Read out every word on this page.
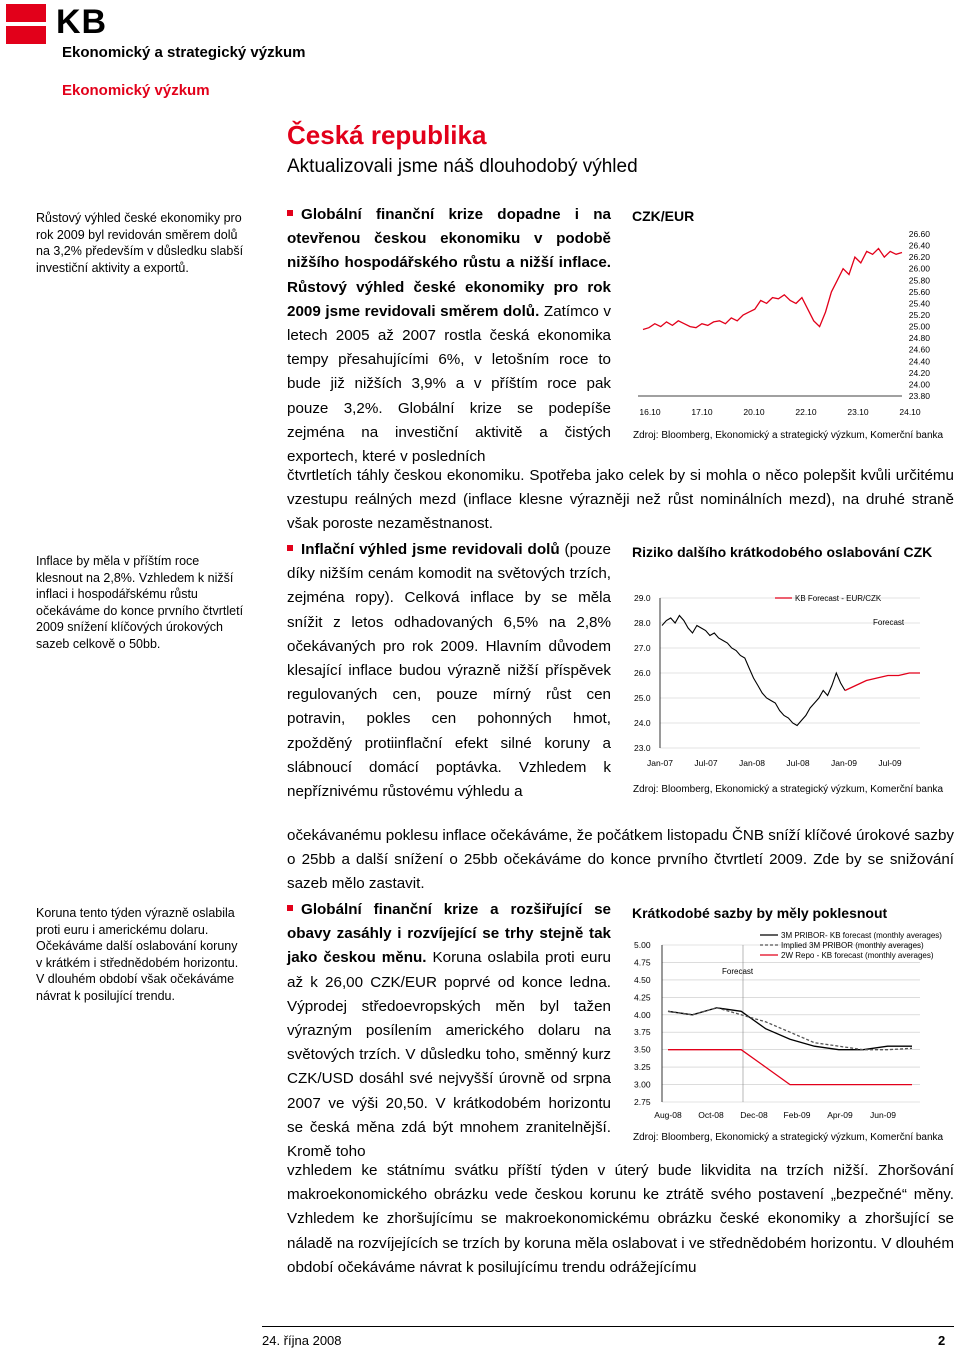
KB
Ekonomický a strategický výzkum
Ekonomický výzkum
Česká republika
Aktualizovali jsme náš dlouhodobý výhled
Růstový výhled české ekonomiky pro rok 2009 byl revidován směrem dolů na 3,2% především v důsledku slabší investiční aktivity a exportů.
Inflace by měla v příštím roce klesnout na 2,8%. Vzhledem k nižší inflaci i hospodářskému růstu očekáváme do konce prvního čtvrtletí 2009 snížení klíčových úrokových sazeb celkově o 50bb.
Koruna tento týden výrazně oslabila proti euru i americkému dolaru. Očekáváme další oslabování koruny v krátkém i střednědobém horizontu. V dlouhém období však očekáváme návrat k posilující trendu.
Globální finanční krize dopadne i na otevřenou českou ekonomiku v podobě nižšího hospodářského růstu a nižší inflace. Růstový výhled české ekonomiky pro rok 2009 jsme revidovali směrem dolů. Zatímco v letech 2005 až 2007 rostla česká ekonomika tempy přesahujícími 6%, v letošním roce to bude již nižších 3,9% a v příštím roce pak pouze 3,2%. Globální krize se podepíše zejména na investiční aktivitě a čistých exportech, které v posledních
čtvrtletích táhly českou ekonomiku. Spotřeba jako celek by si mohla o něco polepšit kvůli určitému vzestupu reálných mezd (inflace klesne výrazněji než růst nominálních mezd), na druhé straně však poroste nezaměstnanost.
CZK/EUR
26.60
26.40
26.20
26.00
25.80
25.60
25.40
25.20
25.00
24.80
24.60
24.40
24.20
24.00
23.80
16.10	17.10	20.10	22.10	23.10	24.10
Zdroj: Bloomberg, Ekonomický a strategický výzkum, Komerční banka
Inflační výhled jsme revidovali dolů (pouze díky nižším cenám komodit na světových trzích, zejména ropy). Celková inflace by se měla snížit z letos odhadovaných 6,5% na 2,8% očekávaných pro rok 2009. Hlavním důvodem klesající inflace budou výrazně nižší příspěvek regulovaných cen, pouze mírný růst cen potravin, pokles cen pohonných hmot, zpožděný protiinflační efekt silné koruny a slábnoucí domácí poptávka. Vzhledem k nepříznivému růstovému výhledu a
očekávanému poklesu inflace očekáváme, že počátkem listopadu ČNB sníží klíčové úrokové sazby o 25bb a další snížení o 25bb očekáváme do konce prvního čtvrtletí 2009. Zde by se snižování sazeb mělo zastavit.
Riziko dalšího krátkodobého oslabování CZK
29.0
28.0
27.0
26.0
25.0
24.0
23.0
Jan-07	Jul-07	Jan-08	Jul-08	Jan-09	Jul-09
KB Forecast - EUR/CZK
Forecast
Zdroj: Bloomberg, Ekonomický a strategický výzkum, Komerční banka
Globální finanční krize a rozšiřující se obavy zasáhly i rozvíjející se trhy stejně tak jako českou měnu. Koruna oslabila proti euru až k 26,00 CZK/EUR poprvé od konce ledna. Výprodej středoevropských měn byl tažen výrazným posílením amerického dolaru na světových trzích. V důsledku toho, směnný kurz CZK/USD dosáhl své nejvyšší úrovně od srpna 2007 ve výši 20,50. V krátkodobém horizontu se česká měna zdá být mnohem zranitelnější. Kromě toho
vzhledem ke státnímu svátku příští týden v úterý bude likvidita na trzích nižší. Zhoršování makroekonomického obrázku vede českou korunu ke ztrátě svého postavení „bezpečné“ měny. Vzhledem ke zhoršujícímu se makroekonomickému obrázku české ekonomiky a zhoršující se náladě na rozvíjejících se trzích by koruna měla oslabovat i ve střednědobém horizontu. V dlouhém období očekáváme návrat k posilujícímu trendu odrážejícímu
Krátkodobé sazby by měly poklesnout
5.00
4.75
4.50
4.25
4.00
3.75
3.50
3.25
3.00
2.75
Aug-08 Oct-08 Dec-08 Feb-09 Apr-09 Jun-09
Forecast
3M PRIBOR- KB forecast (monthly averages)
Implied 3M PRIBOR (monthly averages)
2W Repo - KB forecast (monthly averages)
Zdroj: Bloomberg, Ekonomický a strategický výzkum, Komerční banka
24. října 2008	2
